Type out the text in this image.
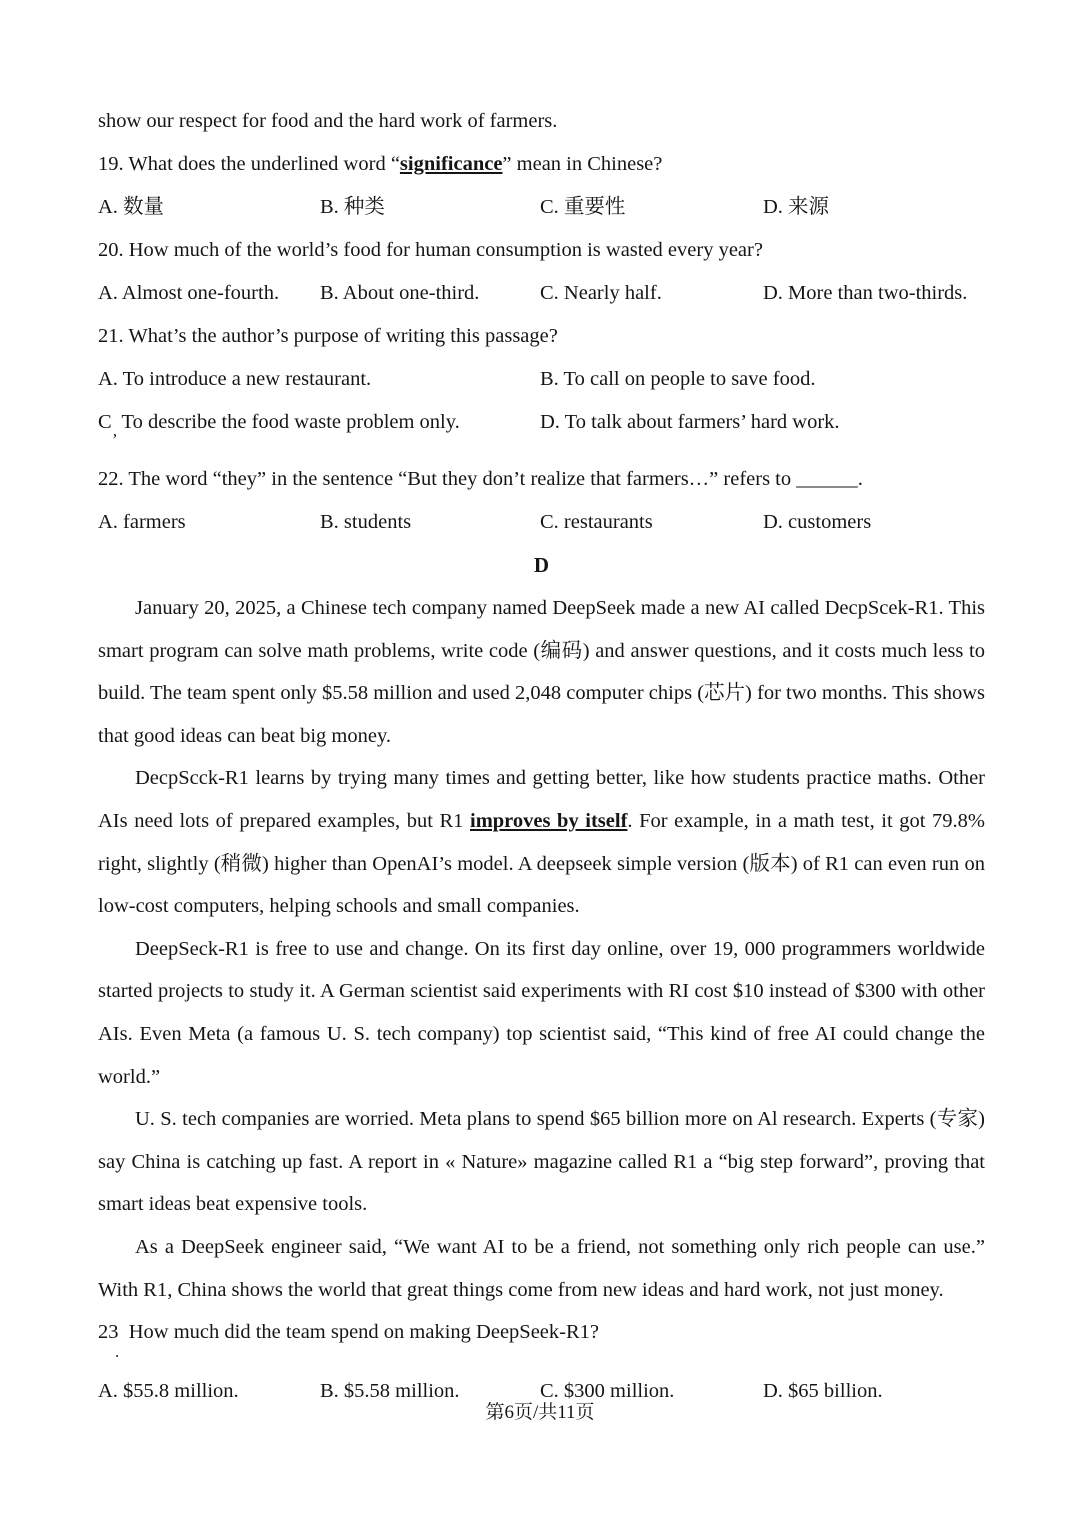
show our respect for food and the hard work of farmers.
19. What does the underlined word “significance” mean in Chinese?
A. 数量	B. 种类	C. 重要性	D. 来源
20. How much of the world’s food for human consumption is wasted every year?
A. Almost one-fourth.	B. About one-third.	C. Nearly half.	D. More than two-thirds.
21. What’s the author’s purpose of writing this passage?
A. To introduce a new restaurant.	B. To call on people to save food.
C  To describe the food waste problem only.
’
D. To talk about farmers’ hard work.
22. The word “they” in the sentence “But they don’t realize that farmers…” refers to ______.
A. farmers	B. students	C. restaurants	D. customers
D

January 20, 2025, a Chinese tech company named DeepSeek made a new AI called DecpScek-R1. This smart program can solve math problems, write code (编码) and answer questions, and it costs much less to build. The team spent only $5.58 million and used 2,048 computer chips (芯片) for two months. This shows that good ideas can beat big money.

DecpScck-R1 learns by trying many times and getting better, like how students practice maths. Other AIs need lots of prepared examples, but R1 improves by itself. For example, in a math test, it got 79.8% right, slightly (稍微) higher than OpenAI’s model. A deepseek simple version (版本) of R1 can even run on low-cost computers, helping schools and small companies.

DeepSeck-R1 is free to use and change. On its first day online, over 19, 000 programmers worldwide started projects to study it. A German scientist said experiments with RI cost $10 instead of $300 with other AIs. Even Meta (a famous U. S. tech company) top scientist said, “This kind of free AI could change the world.”

U. S. tech companies are worried. Meta plans to spend $65 billion more on Al research. Experts (专家) say China is catching up fast. A report in « Nature» magazine called R1 a “big step forward”, proving that smart ideas beat expensive tools.

As a DeepSeek engineer said, “We want AI to be a friend, not something only rich people can use.” With R1, China shows the world that great things come from new ideas and hard work, not just money.

23  How much did the team spend on making DeepSeek-R1?
.
A. $55.8 million.	B. $5.58 million.	C. $300 million.	D. $65 billion.
第6页/共11页
